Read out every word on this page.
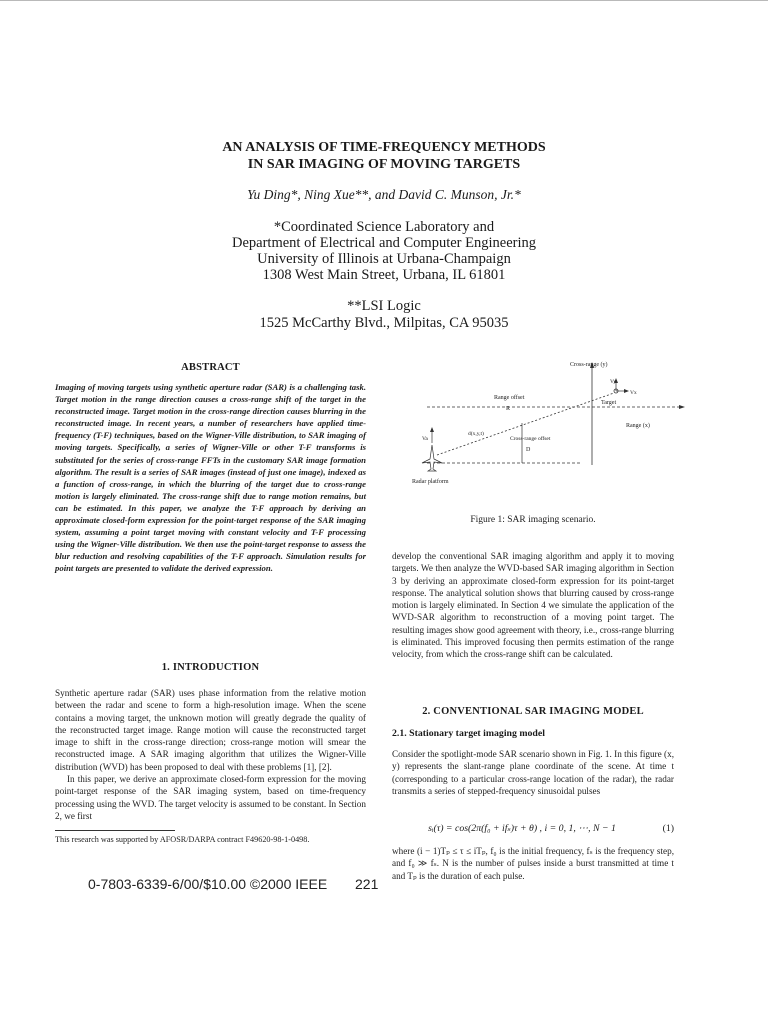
AN ANALYSIS OF TIME-FREQUENCY METHODS
IN SAR IMAGING OF MOVING TARGETS
Yu Ding*, Ning Xue**, and David C. Munson, Jr.*
*Coordinated Science Laboratory and
Department of Electrical and Computer Engineering
University of Illinois at Urbana-Champaign
1308 West Main Street, Urbana, IL 61801
**LSI Logic
1525 McCarthy Blvd., Milpitas, CA 95035
ABSTRACT

Imaging of moving targets using synthetic aperture radar (SAR) is a challenging task. Target motion in the range direction causes a cross-range shift of the target in the reconstructed image. Target motion in the cross-range direction causes blurring in the reconstructed image. In recent years, a number of researchers have applied time-frequency (T-F) techniques, based on the Wigner-Ville distribution, to SAR imaging of moving targets. Specifically, a series of Wigner-Ville or other T-F transforms is substituted for the series of cross-range FFTs in the customary SAR image formation algorithm. The result is a series of SAR images (instead of just one image), indexed as a function of cross-range, in which the blurring of the target due to cross-range motion is largely eliminated. The cross-range shift due to range motion remains, but can be estimated. In this paper, we analyze the T-F approach by deriving an approximate closed-form expression for the point-target response of the SAR imaging system, assuming a point target moving with constant velocity and T-F processing using the Wigner-Ville distribution. We then use the point-target response to assess the blur reduction and resolving capabilities of the T-F approach. Simulation results for point targets are presented to validate the derived expression.

1. INTRODUCTION

Synthetic aperture radar (SAR) uses phase information from the relative motion between the radar and scene to form a high-resolution image. When the scene contains a moving target, the unknown motion will greatly degrade the quality of the reconstructed target image. Range motion will cause the reconstructed target image to shift in the cross-range direction; cross-range motion will smear the reconstructed image. A SAR imaging algorithm that utilizes the Wigner-Ville distribution (WVD) has been proposed to deal with these problems [1], [2].

In this paper, we derive an approximate closed-form expression for the moving point-target response of the SAR imaging system, based on time-frequency processing using the WVD. The target velocity is assumed to be constant. In Section 2, we first

This research was supported by AFOSR/DARPA contract F49620-98-1-0498.
0-7803-6339-6/00/$10.00 ©2000 IEEE 221
Cross-range (y)
Range (x)
Vy
Vx
Target
Range offset
R
d(x,y,t)
Cross-range offset
D
Va
Radar platform
Figure 1: SAR imaging scenario.

develop the conventional SAR imaging algorithm and apply it to moving targets. We then analyze the WVD-based SAR imaging algorithm in Section 3 by deriving an approximate closed-form expression for its point-target response. The analytical solution shows that blurring caused by cross-range motion is largely eliminated. In Section 4 we simulate the application of the WVD-SAR algorithm to reconstruction of a moving point target. The resulting images show good agreement with theory, i.e., cross-range blurring is eliminated. This improved focusing then permits estimation of the range velocity, from which the cross-range shift can be calculated.

2. CONVENTIONAL SAR IMAGING MODEL
2.1. Stationary target imaging model

Consider the spotlight-mode SAR scenario shown in Fig. 1. In this figure (x, y) represents the slant-range plane coordinate of the scene. At time t (corresponding to a particular cross-range location of the radar), the radar transmits a series of stepped-frequency sinusoidal pulses

sᵢ(τ) = cos(2π(f₀ + ifₛ)τ + θ) , i = 0, 1, ⋯, N − 1	(1)

where (i − 1)Tₚ ≤ τ ≤ iTₚ, f₀ is the initial frequency, fₛ is the frequency step, and f₀ ≫ fₛ. N is the number of pulses inside a burst transmitted at time t and Tₚ is the duration of each pulse.
